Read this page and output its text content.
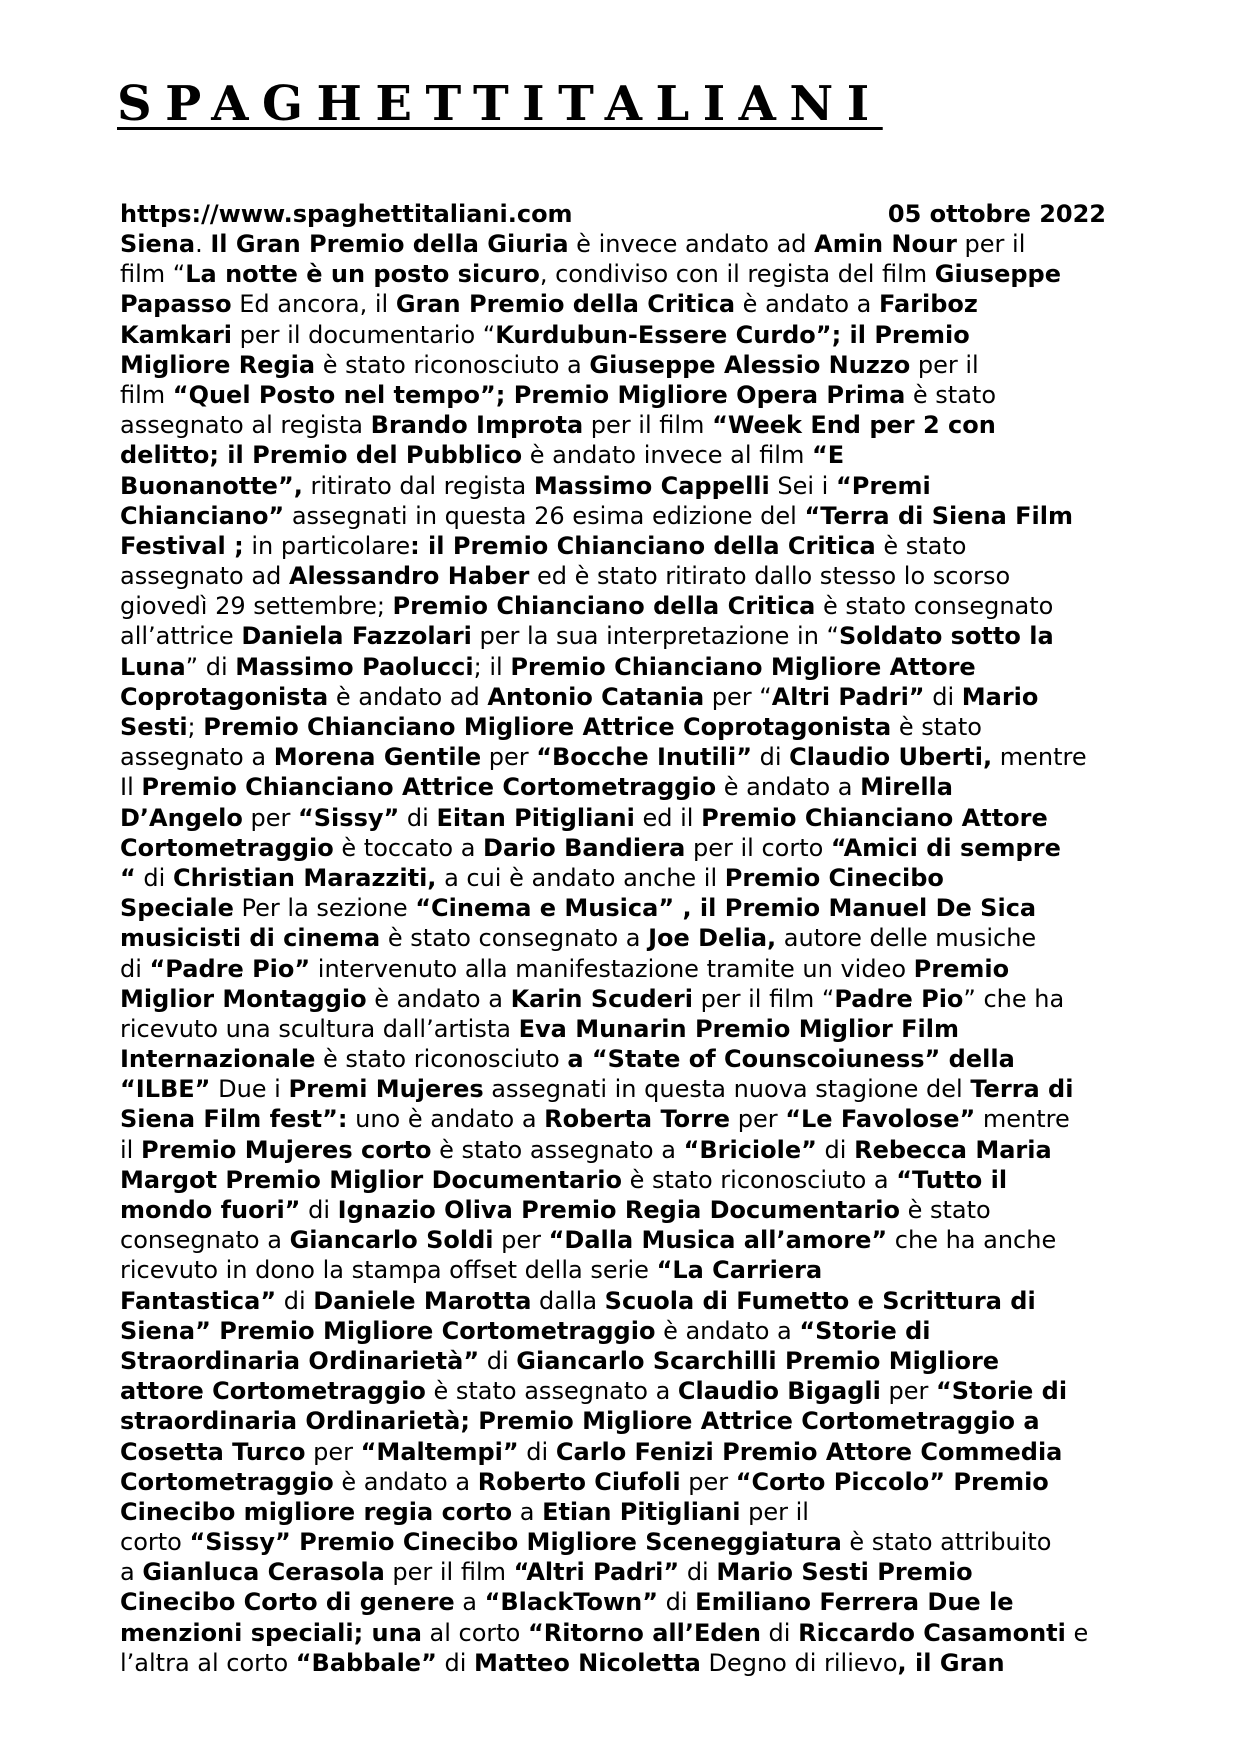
SPAGHETTITALIANI
https://www.spaghettitaliani.com	05 ottobre 2022
Siena. Il Gran Premio della Giuria è invece andato ad Amin Nour per il
film “La notte è un posto sicuro, condiviso con il regista del film Giuseppe
Papasso Ed ancora, il Gran Premio della Critica è andato a Fariboz
Kamkari per il documentario “Kurdubun-Essere Curdo”; il Premio
Migliore Regia è stato riconosciuto a Giuseppe Alessio Nuzzo per il
film “Quel Posto nel tempo”; Premio Migliore Opera Prima è stato
assegnato al regista Brando Improta per il film “Week End per 2 con
delitto; il Premio del Pubblico è andato invece al film “E
Buonanotte”, ritirato dal regista Massimo Cappelli Sei i “Premi
Chianciano” assegnati in questa 26 esima edizione del “Terra di Siena Film
Festival ; in particolare: il Premio Chianciano della Critica è stato
assegnato ad Alessandro Haber ed è stato ritirato dallo stesso lo scorso
giovedì 29 settembre; Premio Chianciano della Critica è stato consegnato
all’attrice Daniela Fazzolari per la sua interpretazione in “Soldato sotto la
Luna” di Massimo Paolucci; il Premio Chianciano Migliore Attore
Coprotagonista è andato ad Antonio Catania per “Altri Padri” di Mario
Sesti; Premio Chianciano Migliore Attrice Coprotagonista è stato
assegnato a Morena Gentile per “Bocche Inutili” di Claudio Uberti, mentre
Il Premio Chianciano Attrice Cortometraggio è andato a Mirella
D’Angelo per “Sissy” di Eitan Pitigliani ed il Premio Chianciano Attore
Cortometraggio è toccato a Dario Bandiera per il corto “Amici di sempre
“ di Christian Marazziti, a cui è andato anche il Premio Cinecibo
Speciale Per la sezione “Cinema e Musica” , il Premio Manuel De Sica
musicisti di cinema è stato consegnato a Joe Delia, autore delle musiche
di “Padre Pio” intervenuto alla manifestazione tramite un video Premio
Miglior Montaggio è andato a Karin Scuderi per il film “Padre Pio” che ha
ricevuto una scultura dall’artista Eva Munarin Premio Miglior Film
Internazionale è stato riconosciuto a “State of Counscoiuness” della
“ILBE” Due i Premi Mujeres assegnati in questa nuova stagione del Terra di
Siena Film fest”: uno è andato a Roberta Torre per “Le Favolose” mentre
il Premio Mujeres corto è stato assegnato a “Briciole” di Rebecca Maria
Margot Premio Miglior Documentario è stato riconosciuto a “Tutto il
mondo fuori” di Ignazio Oliva Premio Regia Documentario è stato
consegnato a Giancarlo Soldi per “Dalla Musica all’amore” che ha anche
ricevuto in dono la stampa offset della serie “La Carriera
Fantastica” di Daniele Marotta dalla Scuola di Fumetto e Scrittura di
Siena” Premio Migliore Cortometraggio è andato a “Storie di
Straordinaria Ordinarietà” di Giancarlo Scarchilli Premio Migliore
attore Cortometraggio è stato assegnato a Claudio Bigagli per “Storie di
straordinaria Ordinarietà; Premio Migliore Attrice Cortometraggio a
Cosetta Turco per “Maltempi” di Carlo Fenizi Premio Attore Commedia
Cortometraggio è andato a Roberto Ciufoli per “Corto Piccolo” Premio
Cinecibo migliore regia corto a Etian Pitigliani per il
corto “Sissy” Premio Cinecibo Migliore Sceneggiatura è stato attribuito
a Gianluca Cerasola per il film “Altri Padri” di Mario Sesti Premio
Cinecibo Corto di genere a “BlackTown” di Emiliano Ferrera Due le
menzioni speciali; una al corto “Ritorno all’Eden di Riccardo Casamonti e
l’altra al corto “Babbale” di Matteo Nicoletta Degno di rilievo, il Gran
